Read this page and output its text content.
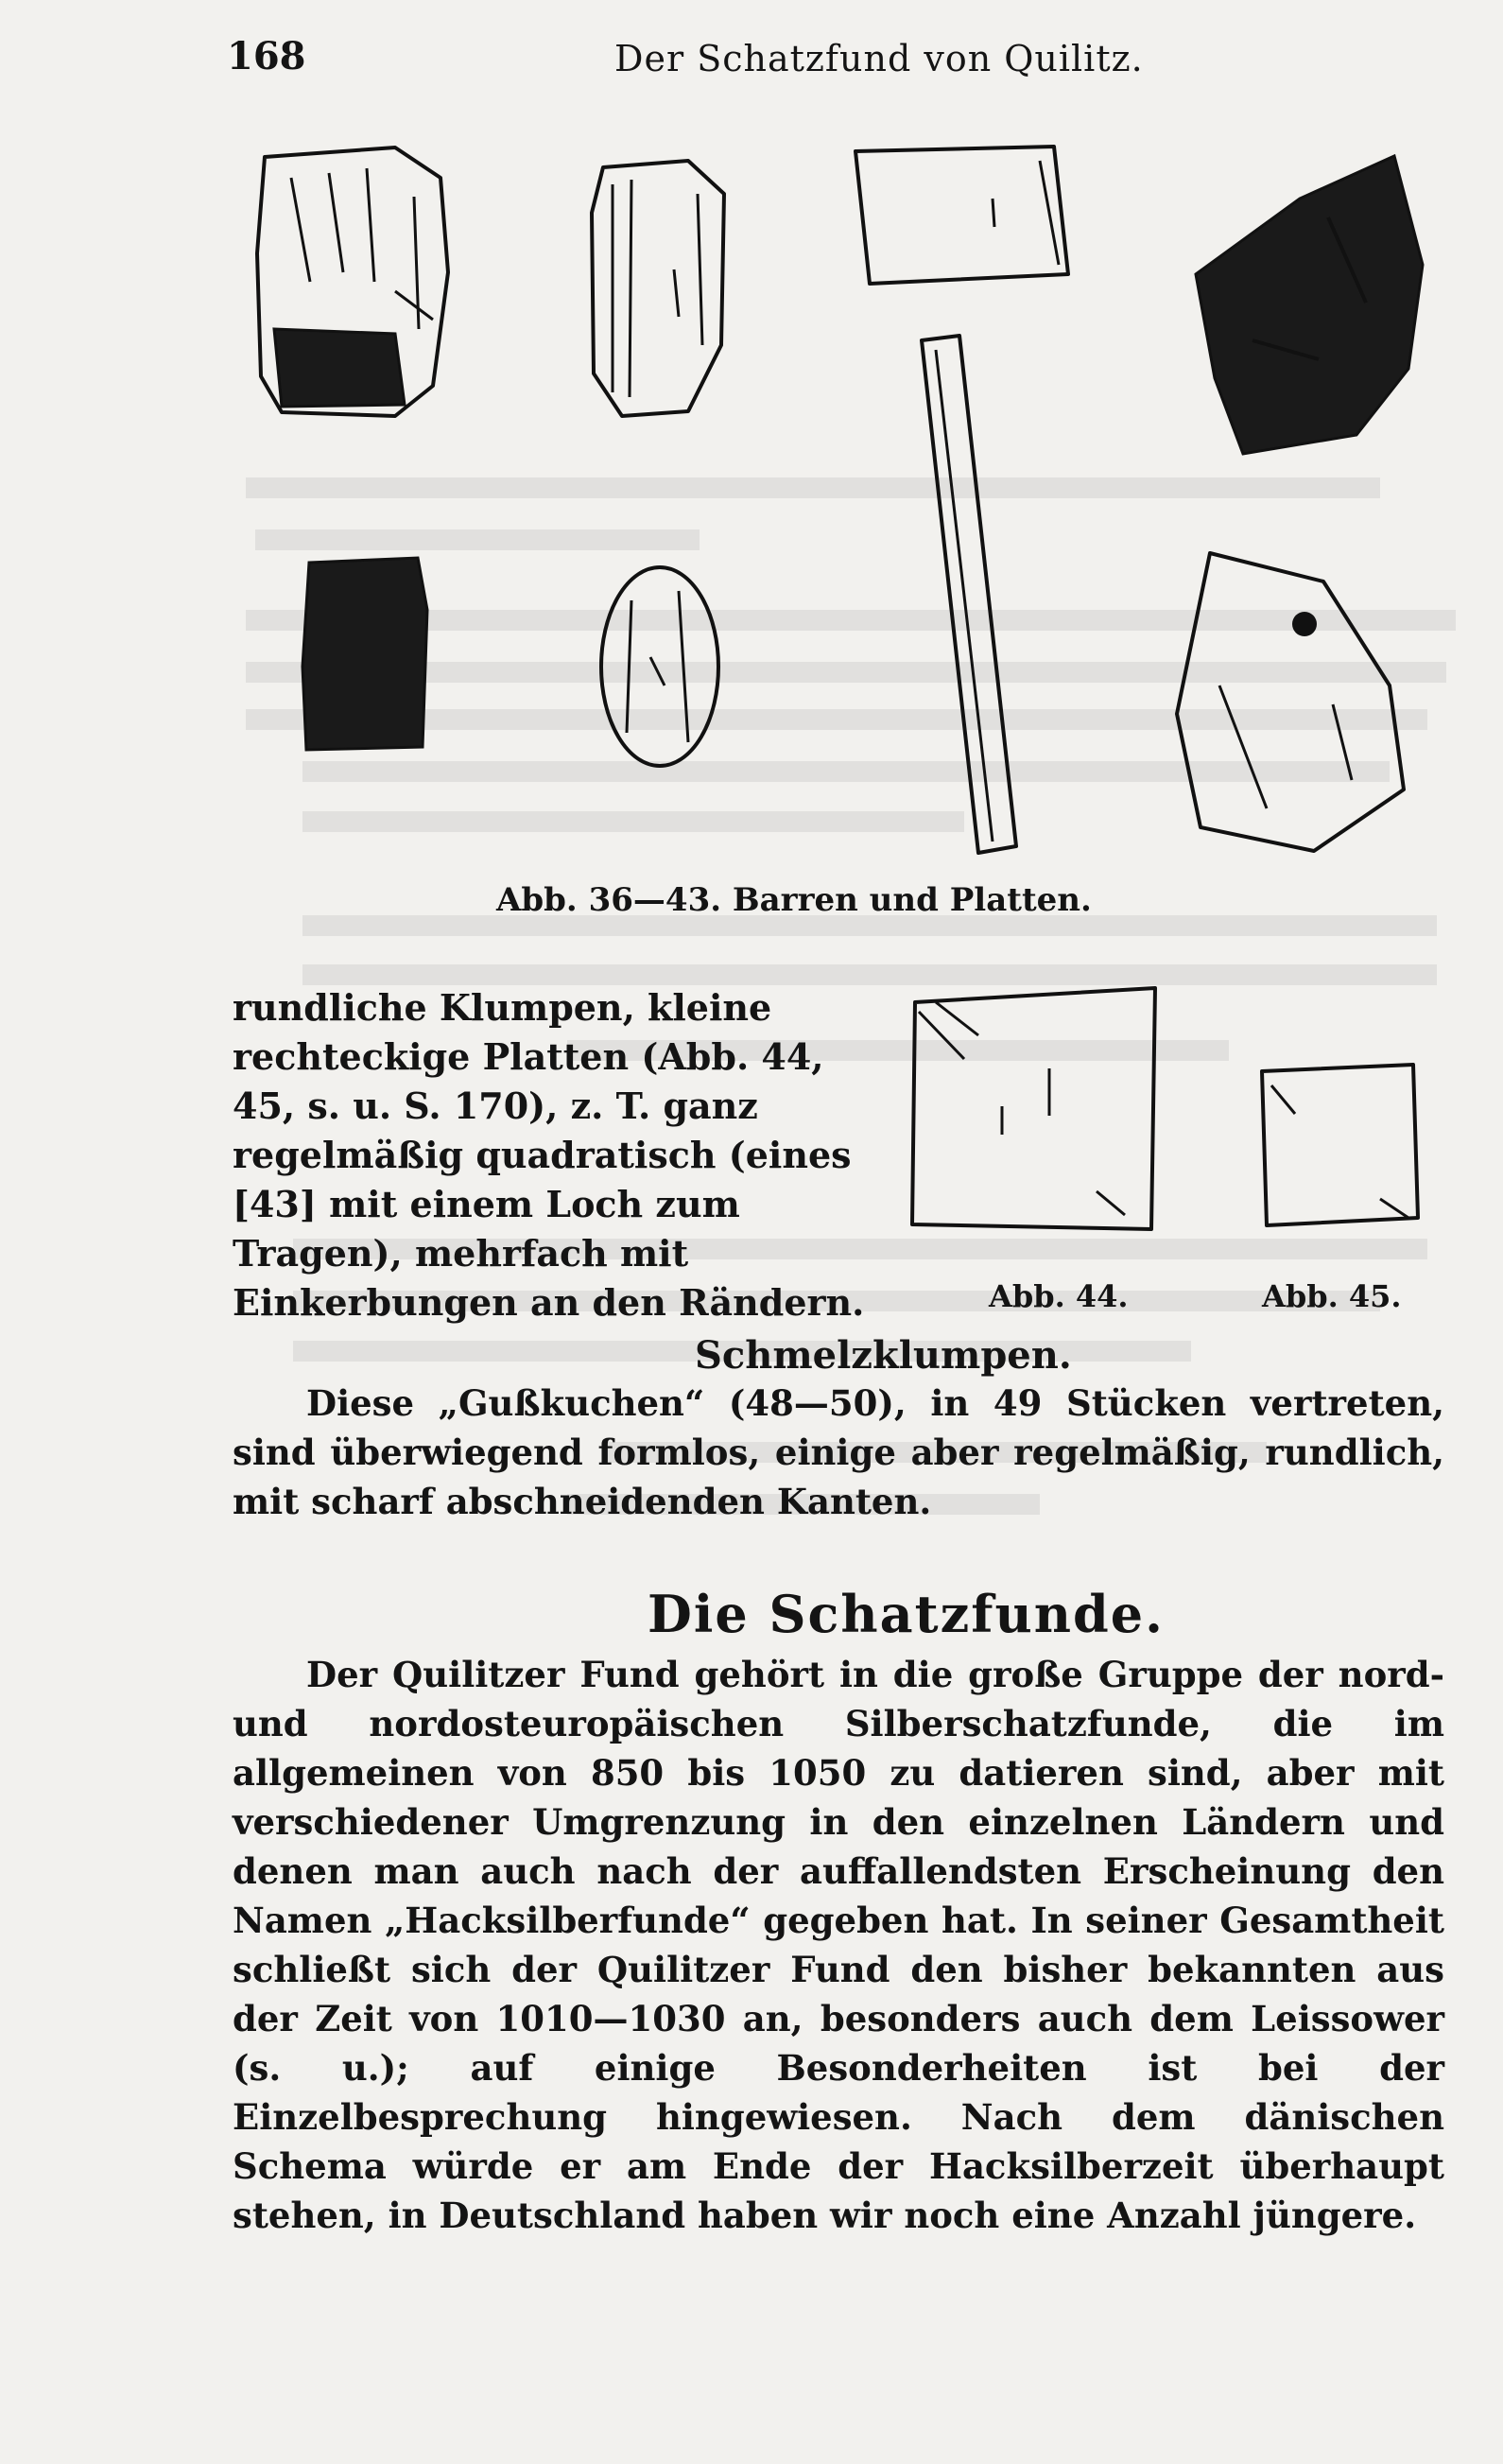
168	Der Schatzfund von Quilitz.
Abb. 36—43. Barren und Platten.
rundliche Klumpen, kleine rechteckige Platten (Abb. 44, 45, s. u. S. 170), z. T. ganz regelmäßig quadratisch (eines [43] mit einem Loch zum Tragen), mehrfach mit Einkerbungen an den Rändern.	Abb. 44.	Abb. 45.
Schmelzklumpen.
Diese „Gußkuchen“ (48—50), in 49 Stücken vertreten, sind überwiegend formlos, einige aber regelmäßig, rundlich, mit scharf abschneidenden Kanten.
Die Schatzfunde.
Der Quilitzer Fund gehört in die große Gruppe der nord- und nordosteuropäischen Silberschatzfunde, die im allgemeinen von 850 bis 1050 zu datieren sind, aber mit verschiedener Umgrenzung in den einzelnen Ländern und denen man auch nach der auffallendsten Erscheinung den Namen „Hacksilberfunde“ gegeben hat. In seiner Gesamtheit schließt sich der Quilitzer Fund den bisher bekannten aus der Zeit von 1010—1030 an, besonders auch dem Leissower (s. u.); auf einige Besonderheiten ist bei der Einzelbesprechung hingewiesen. Nach dem dänischen Schema würde er am Ende der Hacksilberzeit überhaupt stehen, in Deutschland haben wir noch eine Anzahl jüngere.
